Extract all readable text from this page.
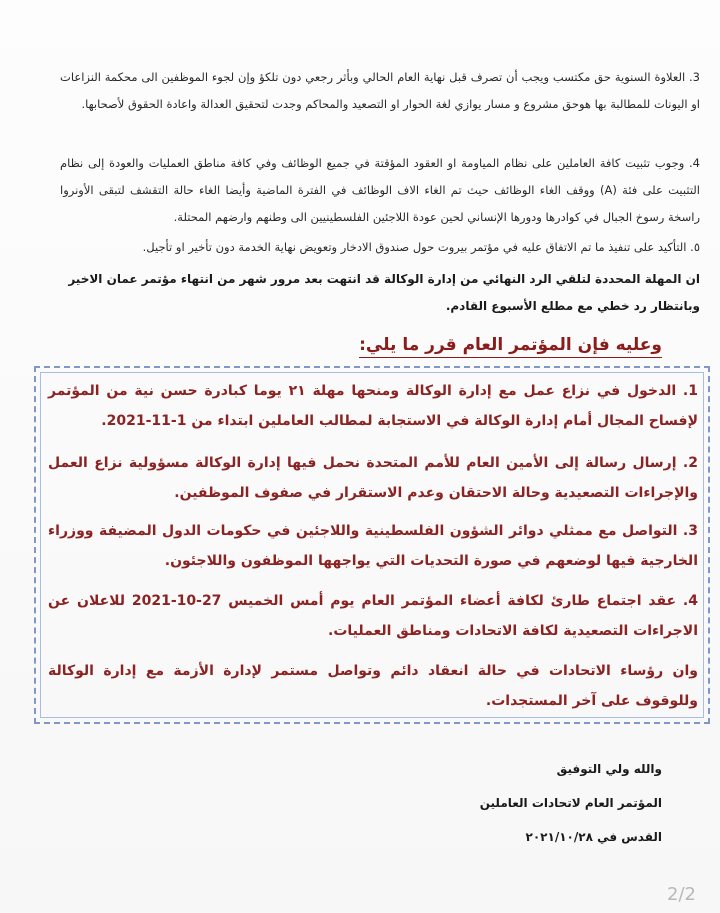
3. العلاوة السنوية حق مكتسب ويجب أن تصرف قبل نهاية العام الحالي وبأثر رجعي دون تلكؤ وإن لجوء الموظفين الى محكمة النزاعات او اليونات للمطالبة بها هوحق مشروع و مسار يوازي لغة الحوار او التصعيد والمحاكم وجدت لتحقيق العدالة واعادة الحقوق لأصحابها.
4. وجوب تثبيت كافة العاملين على نظام المياومة او العقود المؤقتة في جميع الوظائف وفي كافة مناطق العمليات والعودة إلى نظام التثبيت على فئة (A) ووقف الغاء الوظائف حيث تم الغاء الاف الوظائف في الفترة الماضية وأيضا الغاء حالة التقشف لتبقى الأونروا راسخة رسوخ الجبال في كوادرها ودورها الإنساني لحين عودة اللاجئين الفلسطينيين الى وطنهم وارضهم المحتلة.
٥. التأكيد على تنفيذ ما تم الاتفاق عليه في مؤتمر بيروت حول صندوق الادخار وتعويض نهاية الخدمة دون تأخير او تأجيل.
ان المهلة المحددة لتلقي الرد النهائي من إدارة الوكالة قد انتهت بعد مرور شهر من انتهاء مؤتمر عمان الاخير وبانتظار رد خطي مع مطلع الأسبوع القادم.
وعليه فإن المؤتمر العام قرر ما يلي:
1. الدخول في نزاع عمل مع إدارة الوكالة ومنحها مهلة ٢١ يوما كبادرة حسن نية من المؤتمر لإفساح المجال أمام إدارة الوكالة في الاستجابة لمطالب العاملين ابتداء من 1-11-2021.
2. إرسال رسالة إلى الأمين العام للأمم المتحدة نحمل فيها إدارة الوكالة مسؤولية نزاع العمل والإجراءات التصعيدية وحالة الاحتقان وعدم الاستقرار في صفوف الموظفين.
3. التواصل مع ممثلي دوائر الشؤون الفلسطينية واللاجئين في حكومات الدول المضيفة ووزراء الخارجية فيها لوضعهم في صورة التحديات التي يواجهها الموظفون واللاجئون.
4. عقد اجتماع طارئ لكافة أعضاء المؤتمر العام يوم أمس الخميس 27-10-2021 للاعلان عن الاجراءات التصعيدية لكافة الاتحادات ومناطق العمليات.
وان رؤساء الاتحادات في حالة انعقاد دائم وتواصل مستمر لإدارة الأزمة مع إدارة الوكالة وللوقوف على آخر المستجدات.
والله ولي التوفيق
المؤتمر العام لاتحادات العاملين
القدس في ٢٠٢١/١٠/٢٨
2/2
